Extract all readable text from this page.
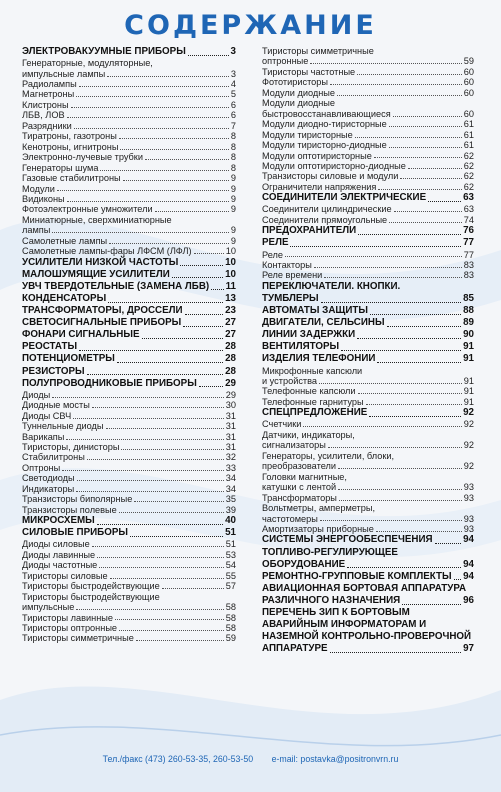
СОДЕРЖАНИЕ
ЭЛЕКТРОВАКУУМНЫЕ ПРИБОРЫ	3
Генераторные, модуляторные,
импульсные лампы	3
Радиолампы	4
Магнетроны	5
Клистроны	6
ЛБВ, ЛОВ	6
Разрядники	7
Тиратроны, газотроны	8
Кенотроны, игнитроны	8
Электронно-лучевые трубки	8
Генераторы шума	8
Газовые стабилитроны	9
Модули	9
Видиконы	9
Фотоэлектронные умножители	9
Миниатюрные, сверхминиатюрные
лампы	9
Самолетные лампы	9
Самолетные лампы-фары ЛФСМ (ЛФЛ)	10
УСИЛИТЕЛИ НИЗКОЙ ЧАСТОТЫ	10
МАЛОШУМЯЩИЕ УСИЛИТЕЛИ	10
УВЧ ТВЕРДОТЕЛЬНЫЕ (ЗАМЕНА ЛБВ) 11
КОНДЕНСАТОРЫ	13
ТРАНСФОРМАТОРЫ, ДРОССЕЛИ	23
СВЕТОСИГНАЛЬНЫЕ ПРИБОРЫ	27
ФОНАРИ СИГНАЛЬНЫЕ	27
РЕОСТАТЫ	28
ПОТЕНЦИОМЕТРЫ	28
РЕЗИСТОРЫ	28
ПОЛУПРОВОДНИКОВЫЕ ПРИБОРЫ	29
Диоды	29
Диодные мосты	30
Диоды СВЧ	31
Туннельные диоды	31
Варикапы	31
Тиристоры, динисторы	31
Стабилитроны	32
Оптроны	33
Светодиоды	34
Индикаторы	34
Транзисторы биполярные	35
Транзисторы полевые	39
МИКРОСХЕМЫ	40
СИЛОВЫЕ ПРИБОРЫ	51
Диоды силовые	51
Диоды лавинные	53
Диоды частотные	54
Тиристоры силовые	55
Тиристоры быстродействующие	57
Тиристоры быстродействующие
импульсные	58
Тиристоры лавинные	58
Тиристоры оптронные	58
Тиристоры симметричные	59
Тиристоры симметричные
оптронные	59
Тиристоры частотные	60
Фототиристоры	60
Модули диодные	60
Модули диодные
быстровосстанавливающиеся	60
Модули диодно-тиристорные	61
Модули тиристорные	61
Модули тиристорно-диодные	61
Модули оптотиристорные	62
Модули оптотиристорно-диодные	62
Транзисторы силовые и модули	62
Ограничители напряжения	62
СОЕДИНИТЕЛИ ЭЛЕКТРИЧЕСКИЕ	63
Соединители цилиндрические	63
Соединители прямоугольные	74
ПРЕДОХРАНИТЕЛИ	76
РЕЛЕ	77
Реле	77
Контакторы	83
Реле времени	83
ПЕРЕКЛЮЧАТЕЛИ. КНОПКИ.
ТУМБЛЕРЫ	85
АВТОМАТЫ ЗАЩИТЫ	88
ДВИГАТЕЛИ, СЕЛЬСИНЫ	89
ЛИНИИ ЗАДЕРЖКИ	90
ВЕНТИЛЯТОРЫ	91
ИЗДЕЛИЯ ТЕЛЕФОНИИ	91
Микрофонные капсюли
и устройства	91
Телефонные капсюли	91
Телефонные гарнитуры	91
СПЕЦПРЕДЛОЖЕНИЕ	92
Счетчики	92
Датчики, индикаторы,
сигнализаторы	92
Генераторы, усилители, блоки,
преобразователи	92
Головки магнитные,
катушки с лентой	93
Трансформаторы	93
Вольтметры, амперметры,
частотомеры	93
Амортизаторы приборные	93
СИСТЕМЫ ЭНЕРГООБЕСПЕЧЕНИЯ	94
ТОПЛИВО-РЕГУЛИРУЮЩЕЕ
ОБОРУДОВАНИЕ	94
РЕМОНТНО-ГРУППОВЫЕ КОМПЛЕКТЫ 94
АВИАЦИОННАЯ БОРТОВАЯ АППАРАТУРА
РАЗЛИЧНОГО НАЗНАЧЕНИЯ	96
ПЕРЕЧЕНЬ ЗИП К БОРТОВЫМ
АВАРИЙНЫМ ИНФОРМАТОРАМ И
НАЗЕМНОЙ КОНТРОЛЬНО-ПРОВЕРОЧНОЙ
АППАРАТУРЕ	97
Тел./факс (473) 260-53-35, 260-53-50 e-mail: postavka@positronvrn.ru
